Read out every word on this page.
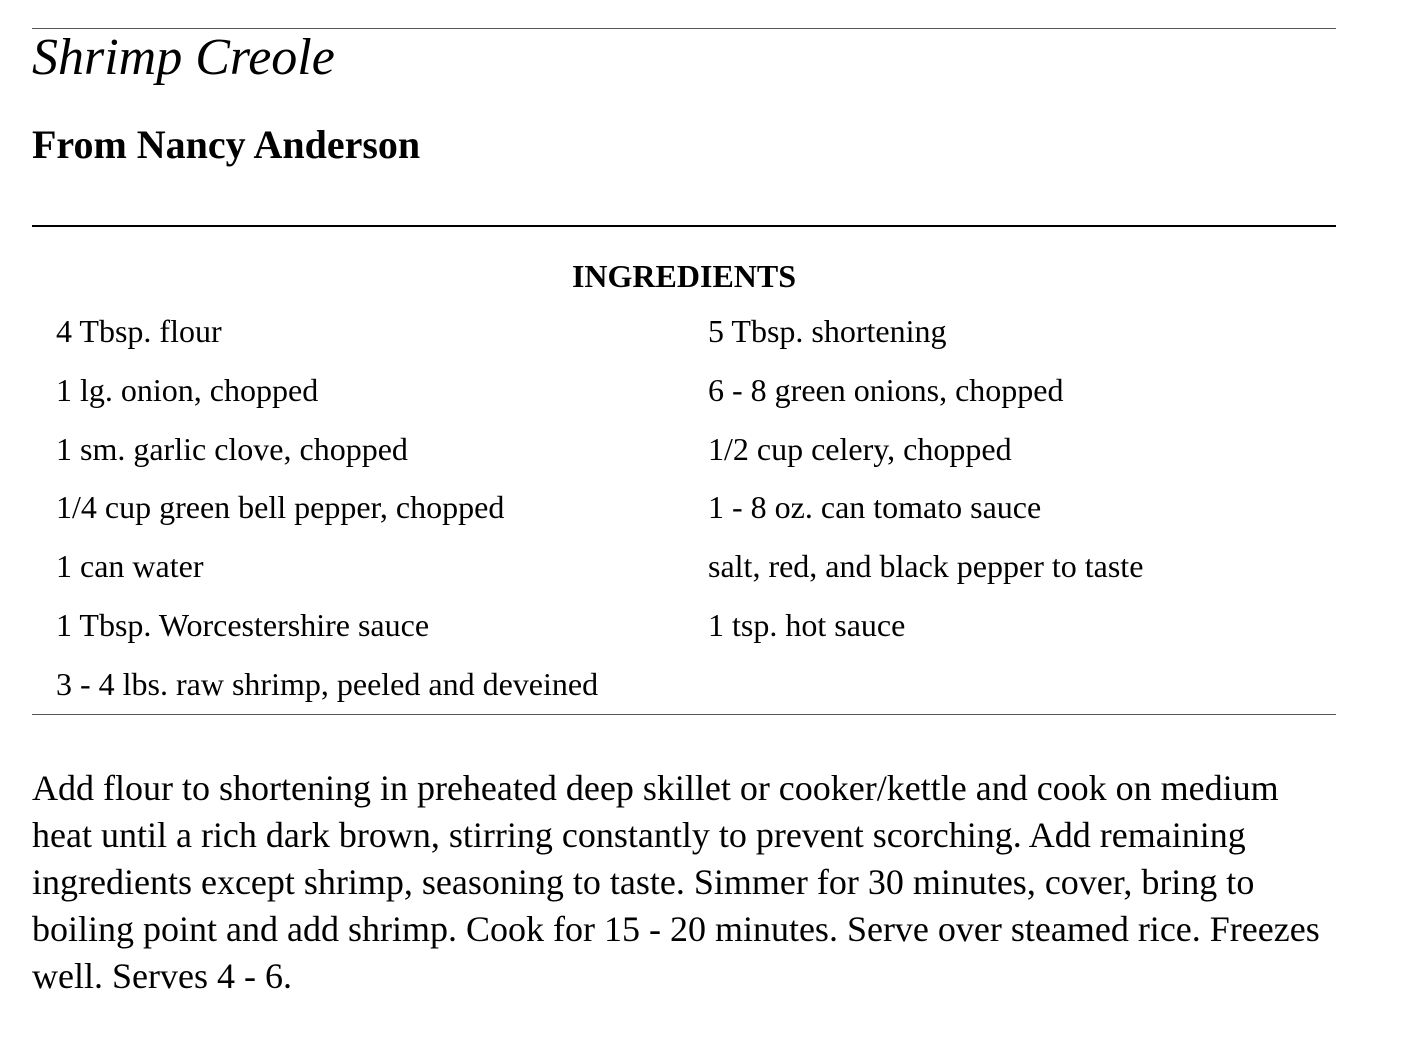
Shrimp Creole
From Nancy Anderson
INGREDIENTS
4 Tbsp. flour	5 Tbsp. shortening
1 lg. onion, chopped	6 - 8 green onions, chopped
1 sm. garlic clove, chopped	1/2 cup celery, chopped
1/4 cup green bell pepper, chopped	1 - 8 oz. can tomato sauce
1 can water	salt, red, and black pepper to taste
1 Tbsp. Worcestershire sauce	1 tsp. hot sauce
3 - 4 lbs. raw shrimp, peeled and deveined
Add flour to shortening in preheated deep skillet or cooker/kettle and cook on medium heat until a rich dark brown, stirring constantly to prevent scorching. Add remaining ingredients except shrimp, seasoning to taste. Simmer for 30 minutes, cover, bring to boiling point and add shrimp. Cook for 15 - 20 minutes. Serve over steamed rice. Freezes well. Serves 4 - 6.
